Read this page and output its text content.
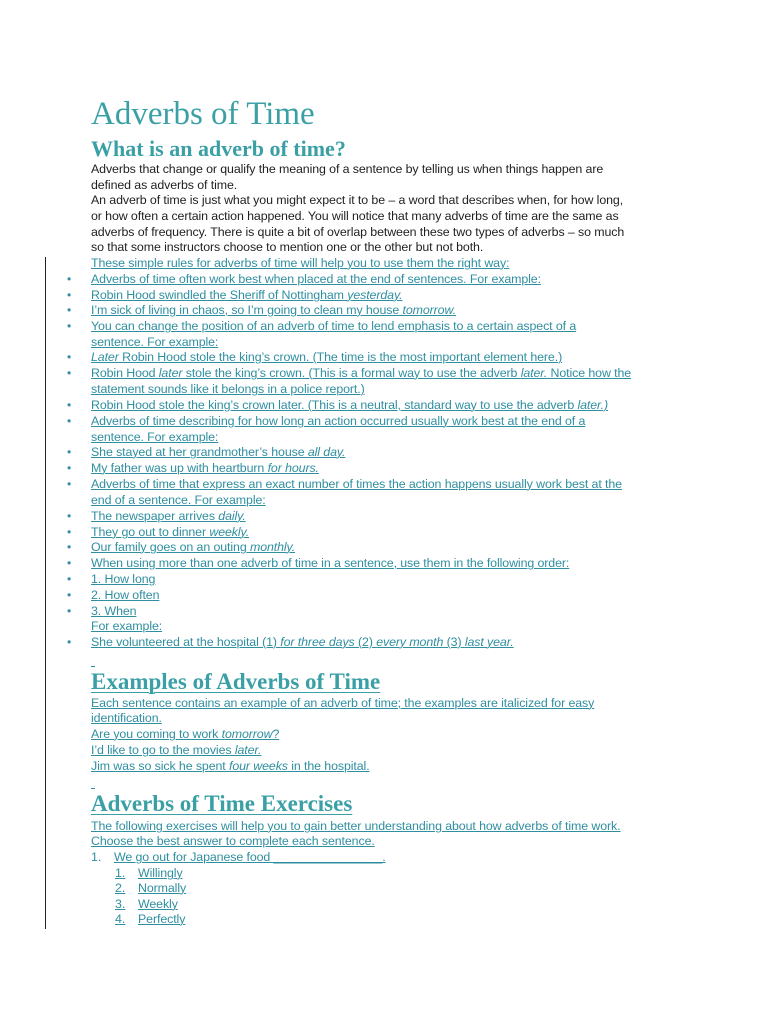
Adverbs of Time
What is an adverb of time?

Adverbs that change or qualify the meaning of a sentence by telling us when things happen are

defined as adverbs of time.

An adverb of time is just what you might expect it to be – a word that describes when, for how long,

or how often a certain action happened. You will notice that many adverbs of time are the same as

adverbs of frequency. There is quite a bit of overlap between these two types of adverbs – so much

so that some instructors choose to mention one or the other but not both.

These simple rules for adverbs of time will help you to use them the right way:

• Adverbs of time often work best when placed at the end of sentences. For example:

• Robin Hood swindled the Sheriff of Nottingham yesterday.

• I’m sick of living in chaos, so I’m going to clean my house tomorrow.

• You can change the position of an adverb of time to lend emphasis to a certain aspect of a

sentence. For example:

• Later Robin Hood stole the king’s crown. (The time is the most important element here.)

• Robin Hood later stole the king’s crown. (This is a formal way to use the adverb later. Notice how the

statement sounds like it belongs in a police report.)

• Robin Hood stole the king’s crown later. (This is a neutral, standard way to use the adverb later.)

• Adverbs of time describing for how long an action occurred usually work best at the end of a

sentence. For example:

• She stayed at her grandmother’s house all day.

• My father was up with heartburn for hours.

• Adverbs of time that express an exact number of times the action happens usually work best at the

end of a sentence. For example:

• The newspaper arrives daily.

• They go out to dinner weekly.

• Our family goes on an outing monthly.

• When using more than one adverb of time in a sentence, use them in the following order:

• 1. How long

• 2. How often

• 3. When

For example:

• She volunteered at the hospital (1) for three days (2) every month (3) last year.

Examples of Adverbs of Time

Each sentence contains an example of an adverb of time; the examples are italicized for easy

identification.

Are you coming to work tomorrow?

I’d like to go to the movies later.

Jim was so sick he spent four weeks in the hospital.

Adverbs of Time Exercises

The following exercises will help you to gain better understanding about how adverbs of time work.

Choose the best answer to complete each sentence.

1. We go out for Japanese food ________________.

1. Willingly

2. Normally

3. Weekly

4. Perfectly
